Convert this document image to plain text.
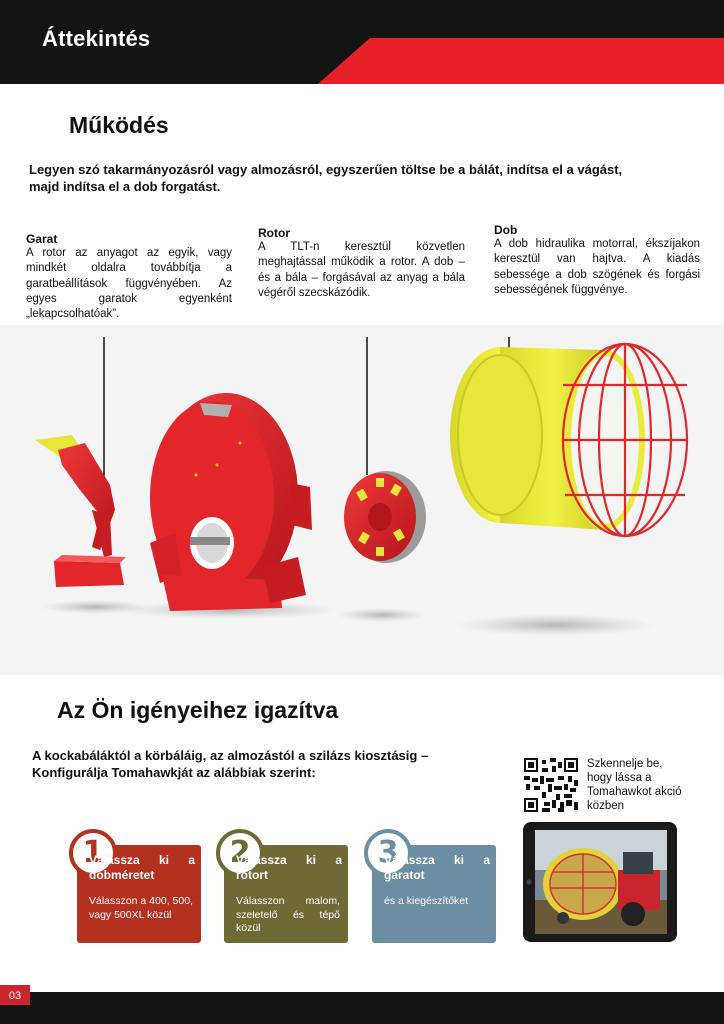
Áttekintés
Működés
Legyen szó takarmányozásról vagy almozásról, egyszerűen töltse be a bálát, indítsa el a vágást, majd indítsa el a dob forgatást.
Garat
A rotor az anyagot az egyik, vagy mindkét oldalra továbbítja a garatbeállítások függvényében. Az egyes garatok egyenként „lekapcsolhatóak”.
Rotor
A TLT-n keresztül közvetlen meghajtással működik a rotor. A dob – és a bála – forgásával az anyag a bála végéről szecskázódik.
Dob
A dob hidraulika motorral, ékszíjakon keresztül van hajtva. A kiadás sebessége a dob szögének és forgási sebességének függvénye.
Az Ön igényeihez igazítva
A kockabáláktól a körbáláig, az almozástól a szilázs kiosztásig – Konfigurálja Tomahawkját az alábbiak szerint:
1
Válassza ki a dobméretet
Válasszon a 400, 500, vagy 500XL közül
2
Válassza ki a rotort
Válasszon malom, szeletelő és tépő közül
3
Válassza ki a garatot
és a kiegészítőket
Szkennelje be, hogy lássa a Tomahawkot akció közben
03
